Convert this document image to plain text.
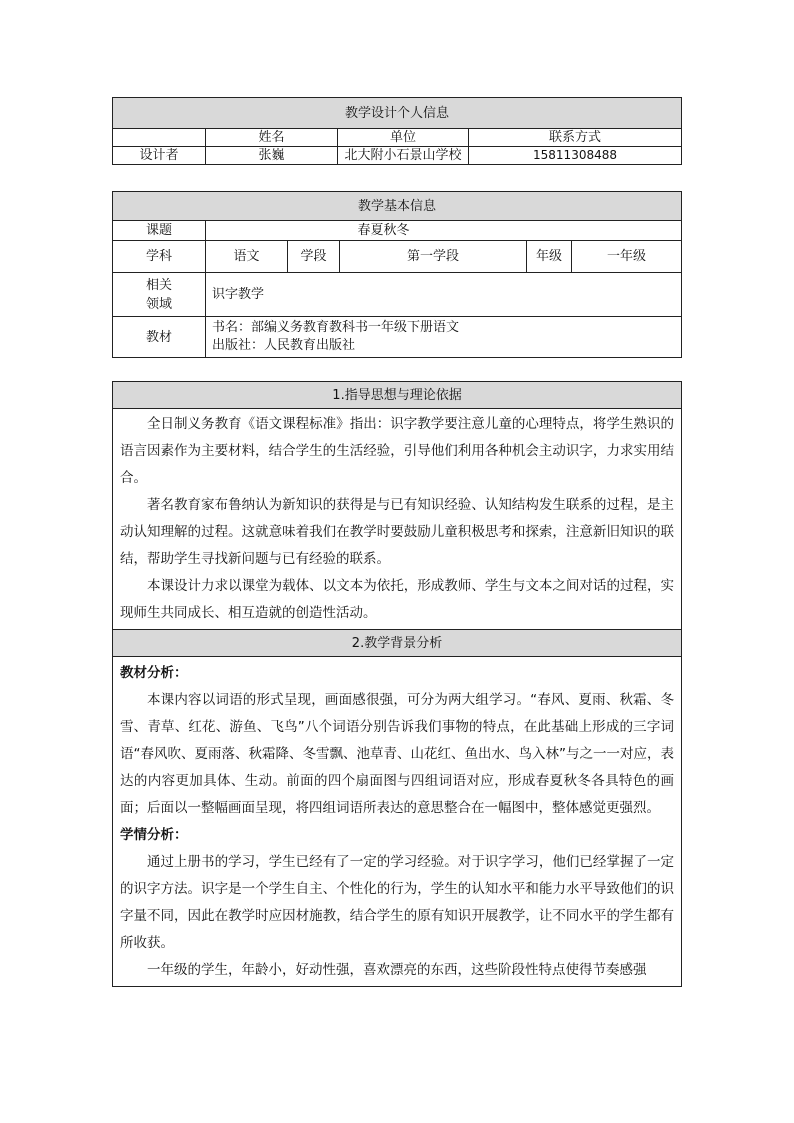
教学设计个人信息			
	姓名	单位	联系方式
设计者	张巍	北大附小石景山学校	15811308488
教学基本信息					
课题	春夏秋冬				
学科	语文	学段	第一学段	年级	一年级

相关
领域	识字教学				
教材	书名：部编义务教育教科书一年级下册语文
出版社：人民教育出版社				
1.指导思想与理论依据

全日制义务教育《语文课程标准》指出：识字教学要注意儿童的心理特点，将学生熟识的语言因素作为主要材料，结合学生的生活经验，引导他们利用各种机会主动识字，力求实用结合。

著名教育家布鲁纳认为新知识的获得是与已有知识经验、认知结构发生联系的过程，是主动认知理解的过程。这就意味着我们在教学时要鼓励儿童积极思考和探索，注意新旧知识的联结，帮助学生寻找新问题与已有经验的联系。

本课设计力求以课堂为载体、以文本为依托，形成教师、学生与文本之间对话的过程，实现师生共同成长、相互造就的创造性活动。

2.教学背景分析

教材分析：

本课内容以词语的形式呈现，画面感很强，可分为两大组学习。“春风、夏雨、秋霜、冬雪、青草、红花、游鱼、飞鸟”八个词语分别告诉我们事物的特点，在此基础上形成的三字词语“春风吹、夏雨落、秋霜降、冬雪飘、池草青、山花红、鱼出水、鸟入林”与之一一对应，表达的内容更加具体、生动。前面的四个扇面图与四组词语对应，形成春夏秋冬各具特色的画面；后面以一整幅画面呈现，将四组词语所表达的意思整合在一幅图中，整体感觉更强烈。

学情分析：

通过上册书的学习，学生已经有了一定的学习经验。对于识字学习，他们已经掌握了一定的识字方法。识字是一个学生自主、个性化的行为，学生的认知水平和能力水平导致他们的识字量不同，因此在教学时应因材施教，结合学生的原有知识开展教学，让不同水平的学生都有所收获。

一年级的学生，年龄小，好动性强，喜欢漂亮的东西，这些阶段性特点使得节奏感强
